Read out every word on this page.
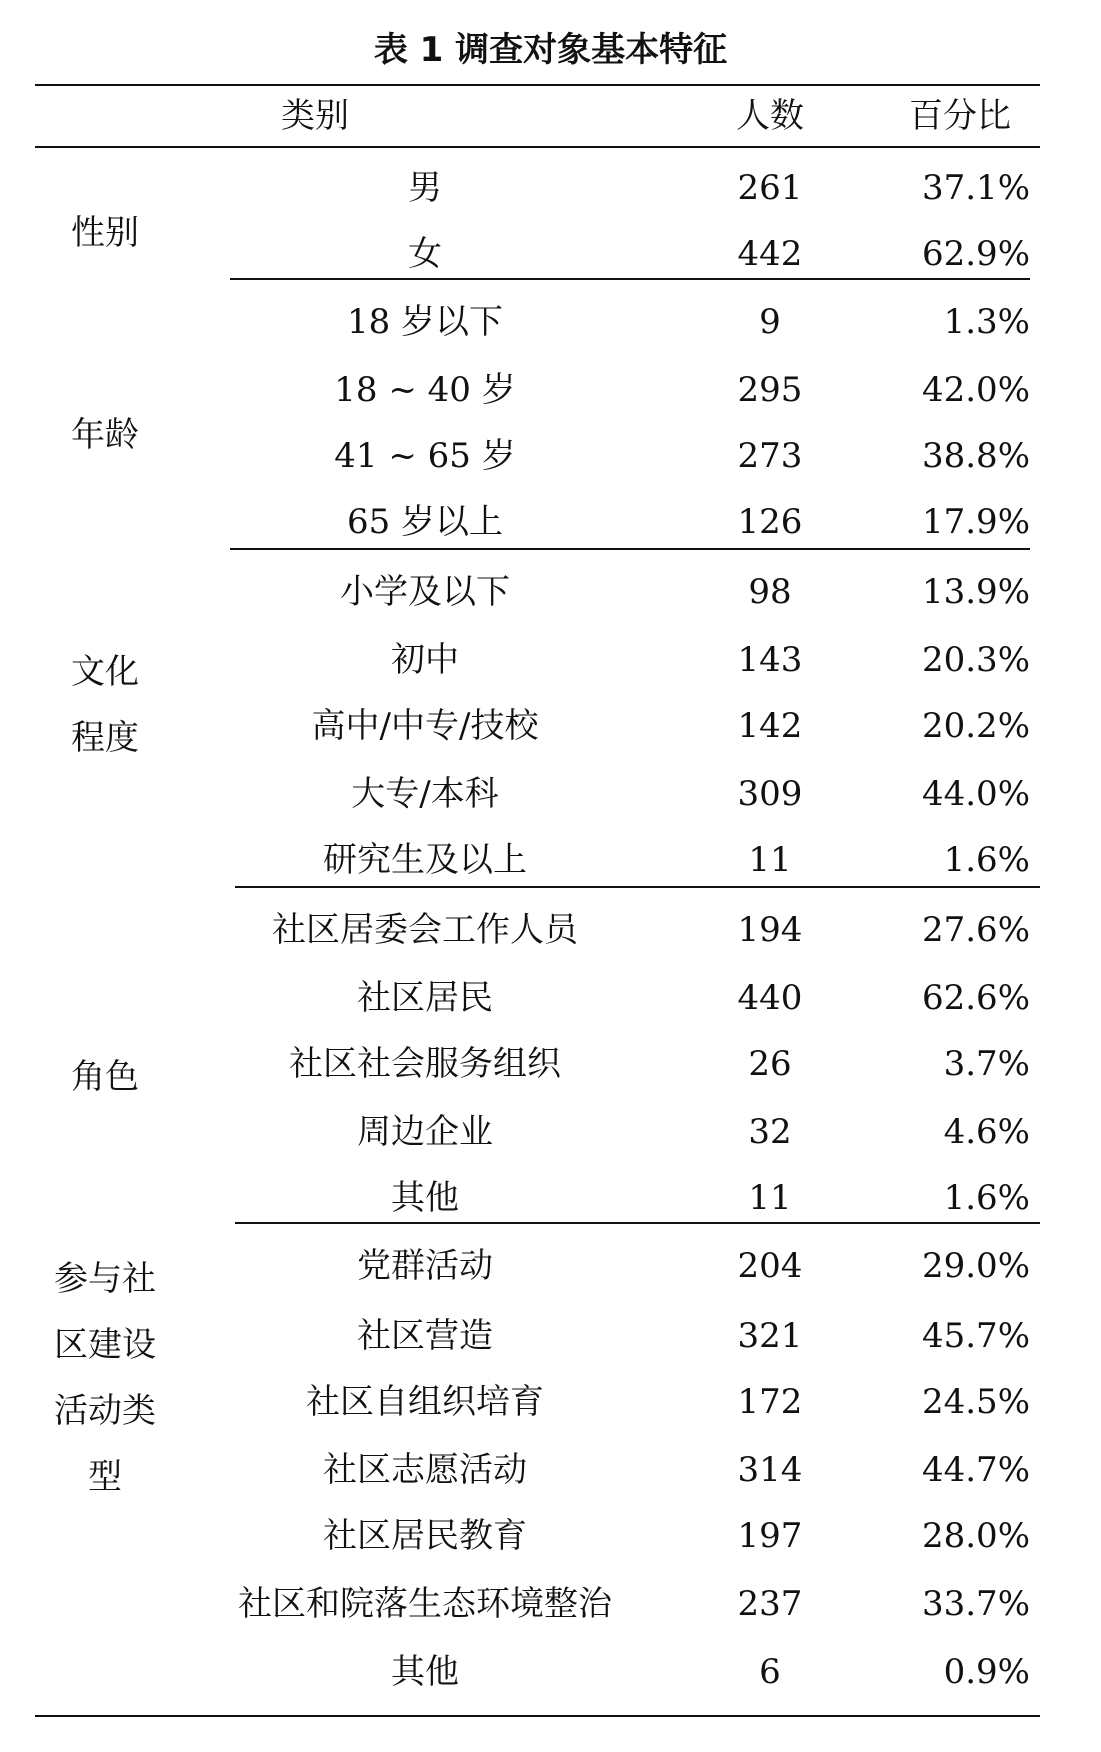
表 1 调查对象基本特征
类别	人数	百分比
性别
男	261	37.1%
女	442	62.9%
年龄
18 岁以下	9	1.3%
18 ~ 40 岁	295	42.0%
41 ~ 65 岁	273	38.8%
65 岁以上	126	17.9%
文化
程度
小学及以下	98	13.9%
初中	143	20.3%
高中/中专/技校	142	20.2%
大专/本科	309	44.0%
研究生及以上	11	1.6%
角色
社区居委会工作人员	194	27.6%
社区居民	440	62.6%
社区社会服务组织	26	3.7%
周边企业	32	4.6%
其他	11	1.6%
参与社
区建设
活动类
型
党群活动	204	29.0%
社区营造	321	45.7%
社区自组织培育	172	24.5%
社区志愿活动	314	44.7%
社区居民教育	197	28.0%
社区和院落生态环境整治	237	33.7%
其他	6	0.9%
